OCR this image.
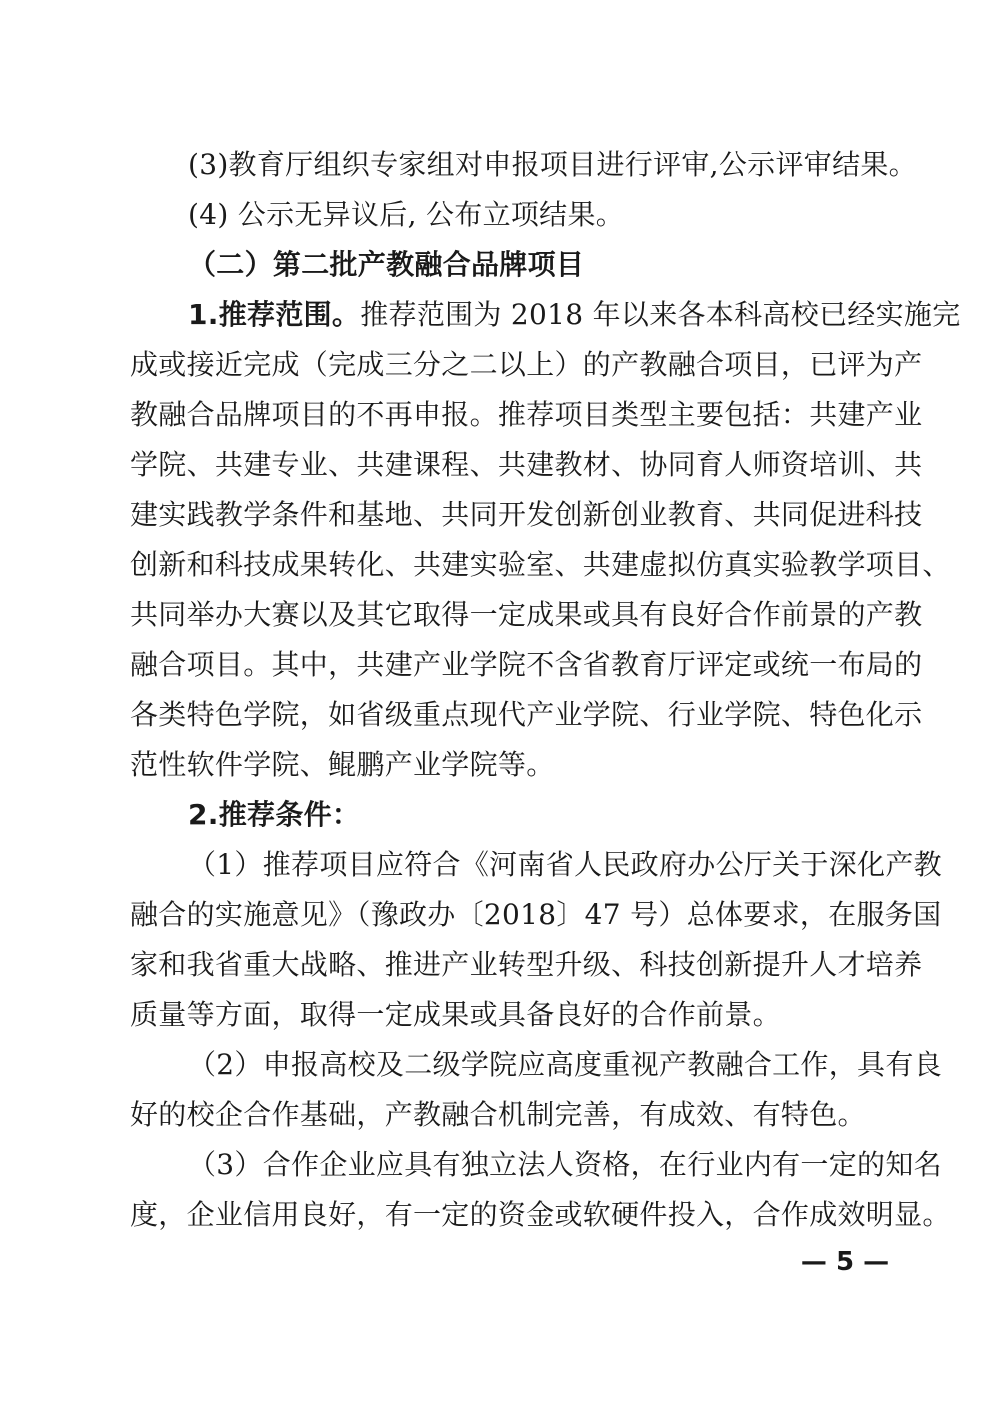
(3)教育厅组织专家组对申报项目进行评审,公示评审结果。
(4) 公示无异议后, 公布立项结果。
（二）第二批产教融合品牌项目
1.推荐范围。推荐范围为 2018 年以来各本科高校已经实施完
成或接近完成（完成三分之二以上）的产教融合项目，已评为产
教融合品牌项目的不再申报。推荐项目类型主要包括：共建产业
学院、共建专业、共建课程、共建教材、协同育人师资培训、共
建实践教学条件和基地、共同开发创新创业教育、共同促进科技
创新和科技成果转化、共建实验室、共建虚拟仿真实验教学项目、
共同举办大赛以及其它取得一定成果或具有良好合作前景的产教
融合项目。其中，共建产业学院不含省教育厅评定或统一布局的
各类特色学院，如省级重点现代产业学院、行业学院、特色化示
范性软件学院、鲲鹏产业学院等。
2.推荐条件：
（1）推荐项目应符合《河南省人民政府办公厅关于深化产教
融合的实施意见》（豫政办〔2018〕47 号）总体要求，在服务国
家和我省重大战略、推进产业转型升级、科技创新提升人才培养
质量等方面，取得一定成果或具备良好的合作前景。
（2）申报高校及二级学院应高度重视产教融合工作，具有良
好的校企合作基础，产教融合机制完善，有成效、有特色。
（3）合作企业应具有独立法人资格，在行业内有一定的知名
度，企业信用良好，有一定的资金或软硬件投入，合作成效明显。
— 5 —
